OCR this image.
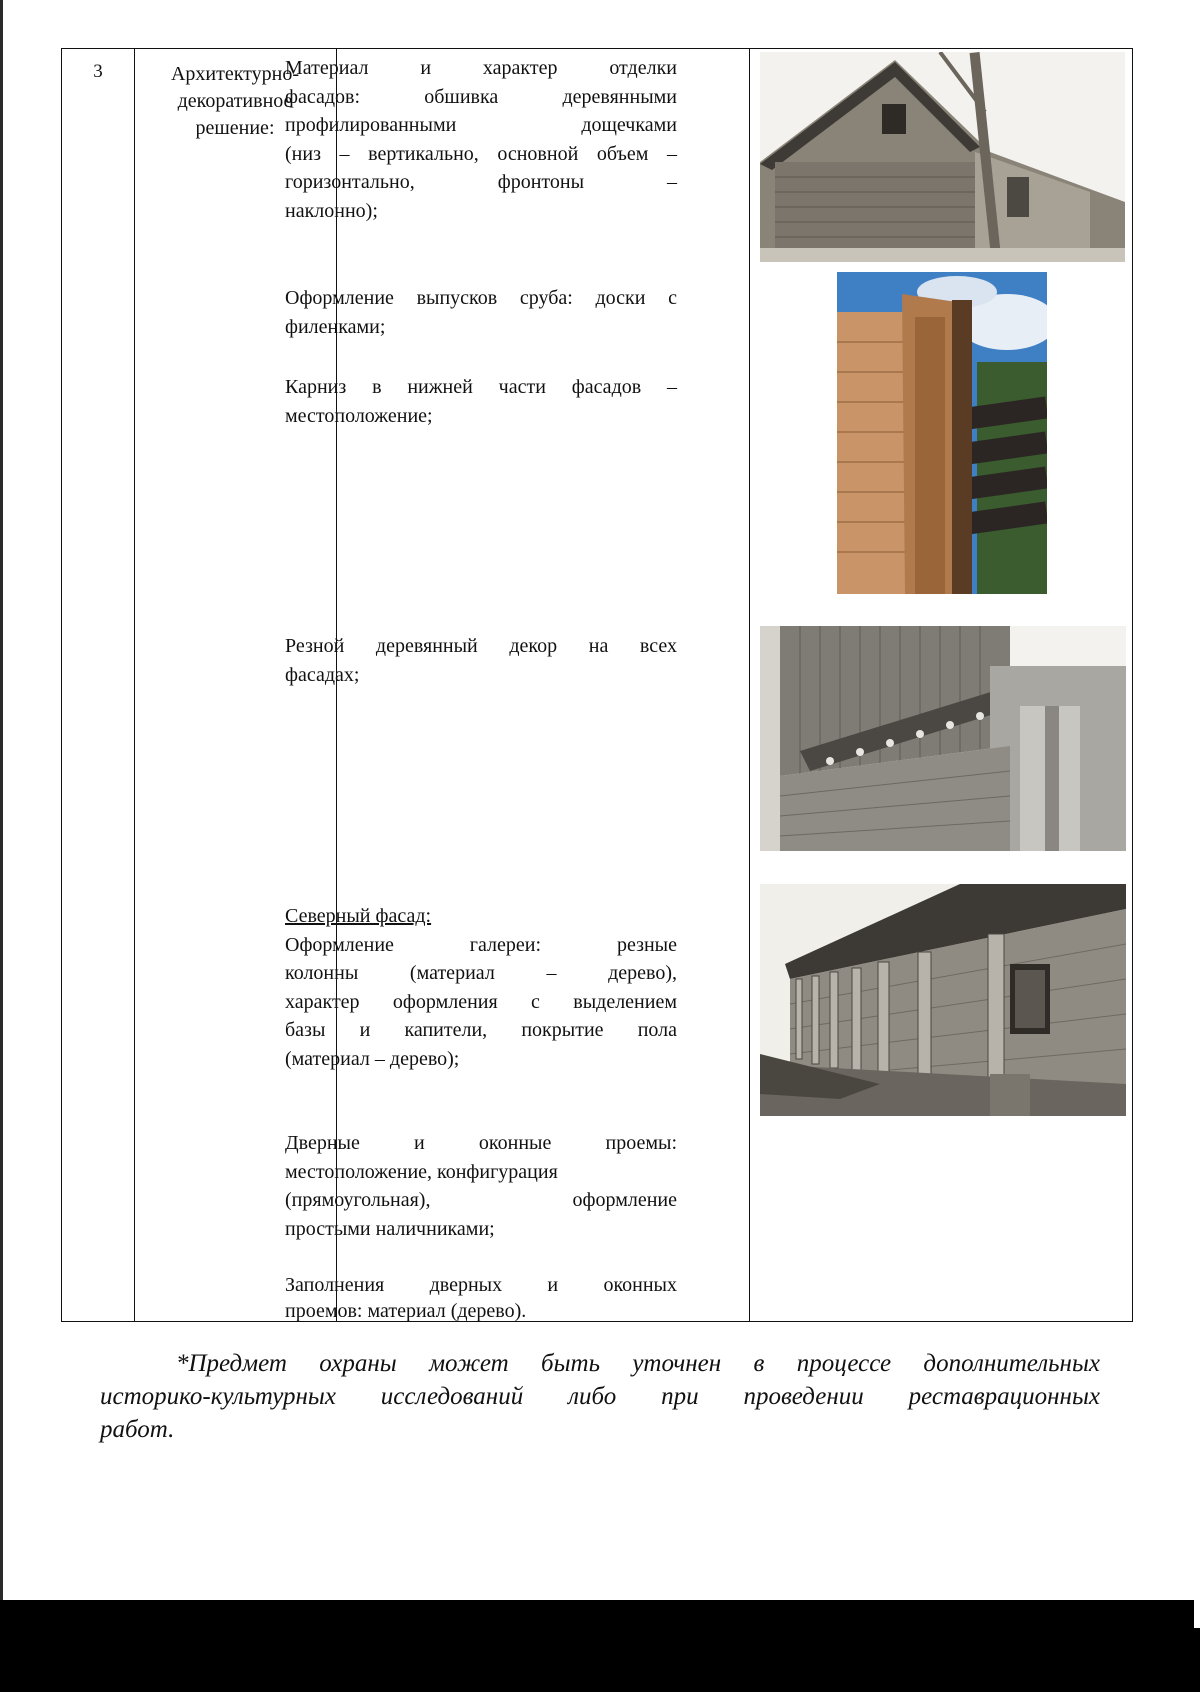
3	Архитектурно-
декоративное
решение:
Материал и характер отделки
фасадов: обшивка деревянными
профилированными дощечками
(низ – вертикально, основной объем –
горизонтально, фронтоны –
наклонно);
Оформление выпусков сруба: доски с
филенками;
Карниз в нижней части фасадов –
местоположение;
Резной деревянный декор на всех
фасадах;
Северный фасад:
Оформление галереи: резные
колонны (материал – дерево),
характер оформления с выделением
базы и капители, покрытие пола
(материал – дерево);
Дверные и оконные проемы:
местоположение, конфигурация
(прямоугольная), оформление
простыми наличниками;
Заполнения дверных и оконных
проемов: материал (дерево).
*Предмет охраны может быть уточнен в процессе дополнительных
историко-культурных исследований либо при проведении реставрационных
работ.
